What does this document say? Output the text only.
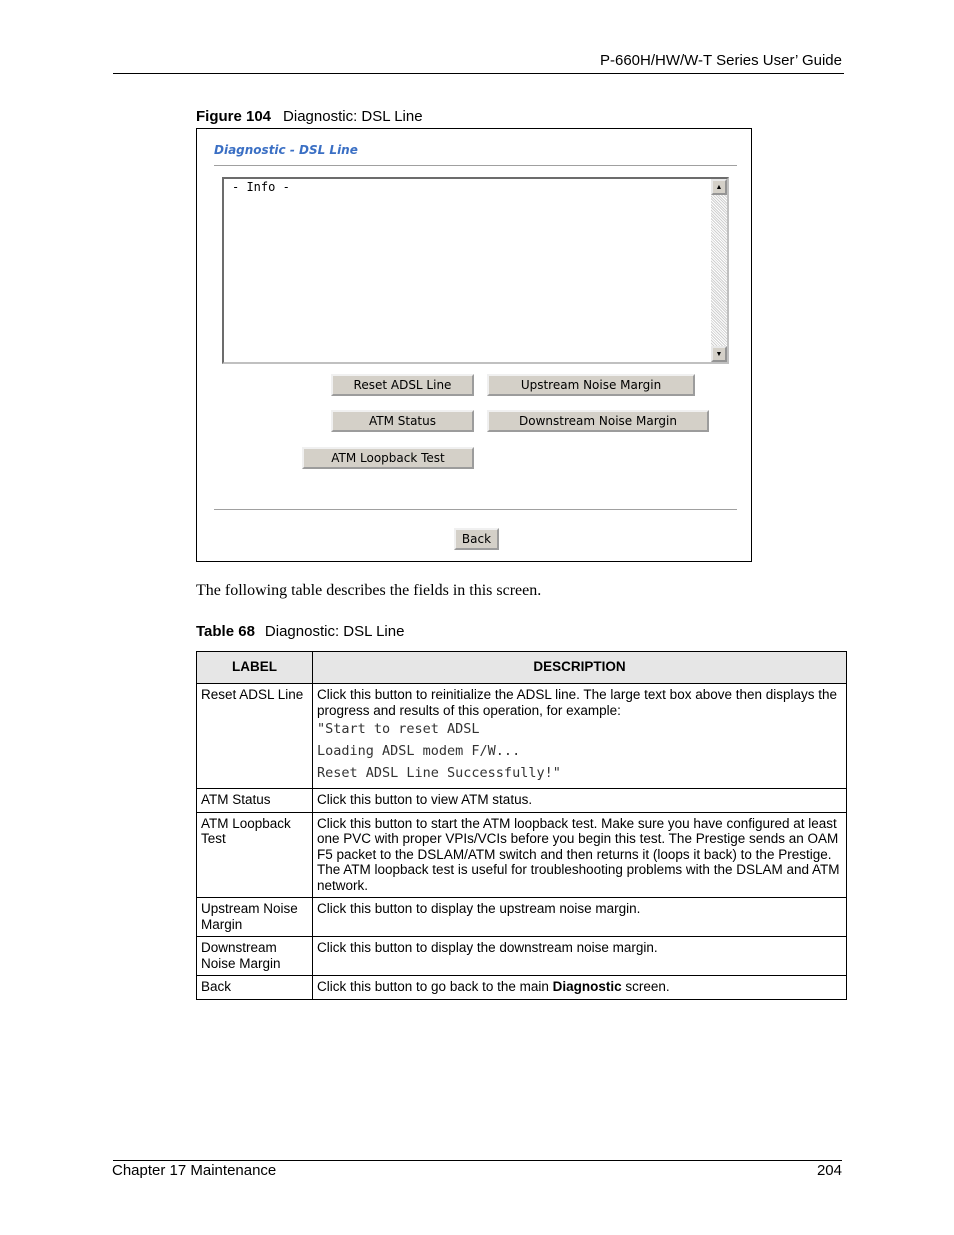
P-660H/HW/W-T Series User’ Guide
Figure 104 Diagnostic: DSL Line
Diagnostic - DSL Line
- Info -	▲
▼
Reset ADSL Line	Upstream Noise Margin
ATM Status	Downstream Noise Margin
ATM Loopback Test
Back
The following table describes the fields in this screen.
Table 68 Diagnostic: DSL Line
LABEL	DESCRIPTION
Reset ADSL Line	Click this button to reinitialize the ADSL line. The large text box above then displays the progress and results of this operation, for example:
"Start to reset ADSL
Loading ADSL modem F/W...
Reset ADSL Line Successfully!"

ATM Status	Click this button to view ATM status.
ATM Loopback Test	Click this button to start the ATM loopback test. Make sure you have configured at least one PVC with proper VPIs/VCIs before you begin this test. The Prestige sends an OAM F5 packet to the DSLAM/ATM switch and then returns it (loops it back) to the Prestige. The ATM loopback test is useful for troubleshooting problems with the DSLAM and ATM network.
Upstream Noise Margin	Click this button to display the upstream noise margin.
Downstream Noise Margin	Click this button to display the downstream noise margin.
Back	Click this button to go back to the main Diagnostic screen.
Chapter 17 Maintenance	204
